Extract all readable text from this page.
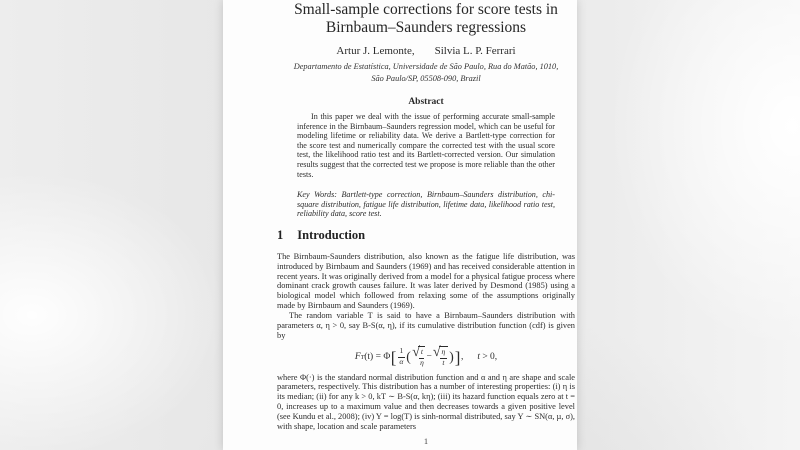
Small-sample corrections for score tests in
Birnbaum–Saunders regressions
Artur J. Lemonte, Silvia L. P. Ferrari
Departamento de Estatística, Universidade de São Paulo, Rua do Matão, 1010,
São Paulo/SP, 05508-090, Brazil
Abstract
In this paper we deal with the issue of performing accurate small-sample inference in the Birnbaum–Saunders regression model, which can be useful for modeling lifetime or reliability data. We derive a Bartlett-type correction for the score test and numerically compare the corrected test with the usual score test, the likelihood ratio test and its Bartlett-corrected version. Our simulation results suggest that the corrected test we propose is more reliable than the other tests.
Key Words: Bartlett-type correction, Birnbaum–Saunders distribution, chi-square distribution, fatigue life distribution, lifetime data, likelihood ratio test, reliability data, score test.
1 Introduction
The Birnbaum-Saunders distribution, also known as the fatigue life distribution, was introduced by Birnbaum and Saunders (1969) and has received considerable attention in recent years. It was originally derived from a model for a physical fatigue process where dominant crack growth causes failure. It was later derived by Desmond (1985) using a biological model which followed from relaxing some of the assumptions originally made by Birnbaum and Saunders (1969).
The random variable T is said to have a Birnbaum–Saunders distribution with parameters α, η > 0, say B-S(α, η), if its cumulative distribution function (cdf) is given by
F T (t) = Φ [ $\frac{1}{\alpha}$ ( √ $\frac{t}{\eta}$ − √ $\frac{\eta}{t}$ ) ] , t > 0,
where Φ(·) is the standard normal distribution function and α and η are shape and scale parameters, respectively. This distribution has a number of interesting properties: (i) η is its median; (ii) for any k > 0, kT ∼ B-S(α, kη); (iii) its hazard function equals zero at t = 0, increases up to a maximum value and then decreases towards a given positive level (see Kundu et al., 2008); (iv) Y = log(T) is sinh-normal distributed, say Y ∼ SN(α, µ, σ), with shape, location and scale parameters
1
